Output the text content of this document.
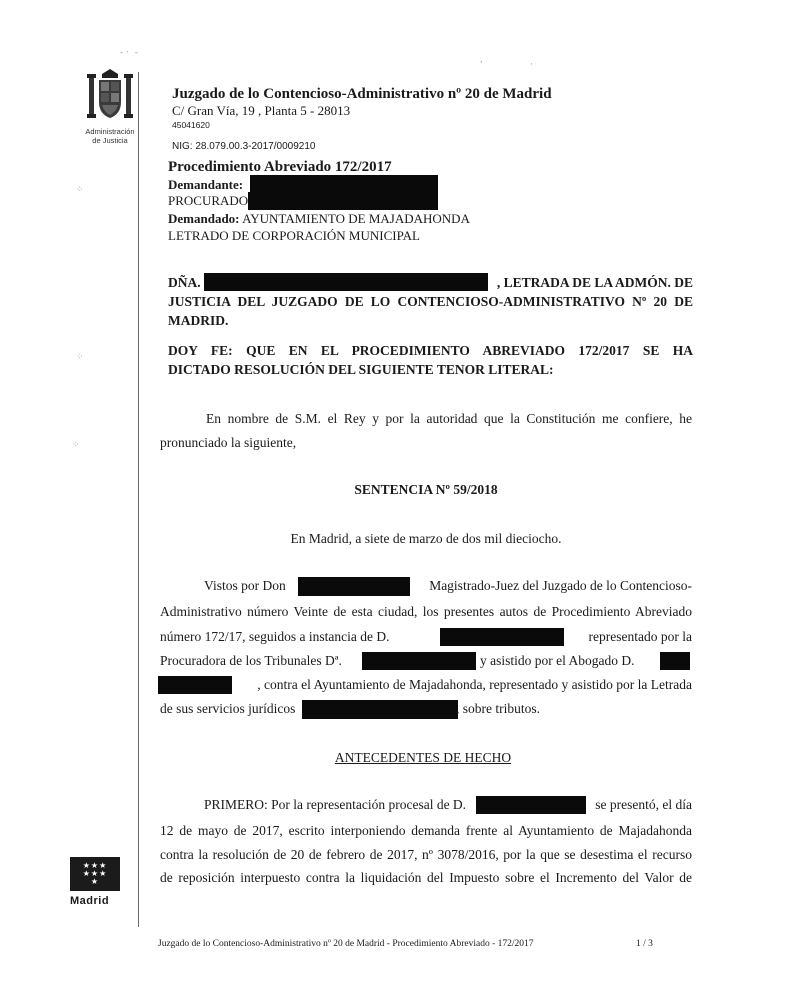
- ·  -
⁘
⁘
⁘
'	·
Administración
de Justicia
Juzgado de lo Contencioso-Administrativo nº 20 de Madrid
C/ Gran Vía, 19 , Planta 5 - 28013
45041620
NIG: 28.079.00.3-2017/0009210
Procedimiento Abreviado 172/2017
Demandante:
PROCURADO
Demandado: AYUNTAMIENTO DE MAJADAHONDA
LETRADO DE CORPORACIÓN MUNICIPAL
DÑA.	, LETRADA DE LA ADMÓN. DE

JUSTICIA DEL JUZGADO DE LO CONTENCIOSO-ADMINISTRATIVO Nº 20 DE

MADRID.

DOY FE: QUE EN EL PROCEDIMIENTO ABREVIADO 172/2017 SE HA

DICTADO RESOLUCIÓN DEL SIGUIENTE TENOR LITERAL:

En nombre de S.M. el Rey y por la autoridad que la Constitución me confiere, he

pronunciado la siguiente,

SENTENCIA Nº 59/2018
En Madrid, a siete de marzo de dos mil dieciocho.
Vistos por Don	Magistrado-Juez del Juzgado de lo Contencioso-

Administrativo número Veinte de esta ciudad, los presentes autos de Procedimiento Abreviado

número 172/17, seguidos a instancia de D.	representado por la
Procuradora de los Tribunales Dª.	y asistido por el Abogado D.
, contra el Ayuntamiento de Majadahonda, representado y asistido por la Letrada
de sus servicios jurídicos	, sobre tributos.
ANTECEDENTES DE HECHO
PRIMERO: Por la representación procesal de D.	se presentó, el día

12 de mayo de 2017, escrito interponiendo demanda frente al Ayuntamiento de Majadahonda

contra la resolución de 20 de febrero de 2017, nº 3078/2016, por la que se desestima el recurso

de reposición interpuesto contra la liquidación del Impuesto sobre el Incremento del Valor de

★★★★★★★
Madrid
Juzgado de lo Contencioso-Administrativo nº 20 de Madrid - Procedimiento Abreviado - 172/2017	1 / 3
